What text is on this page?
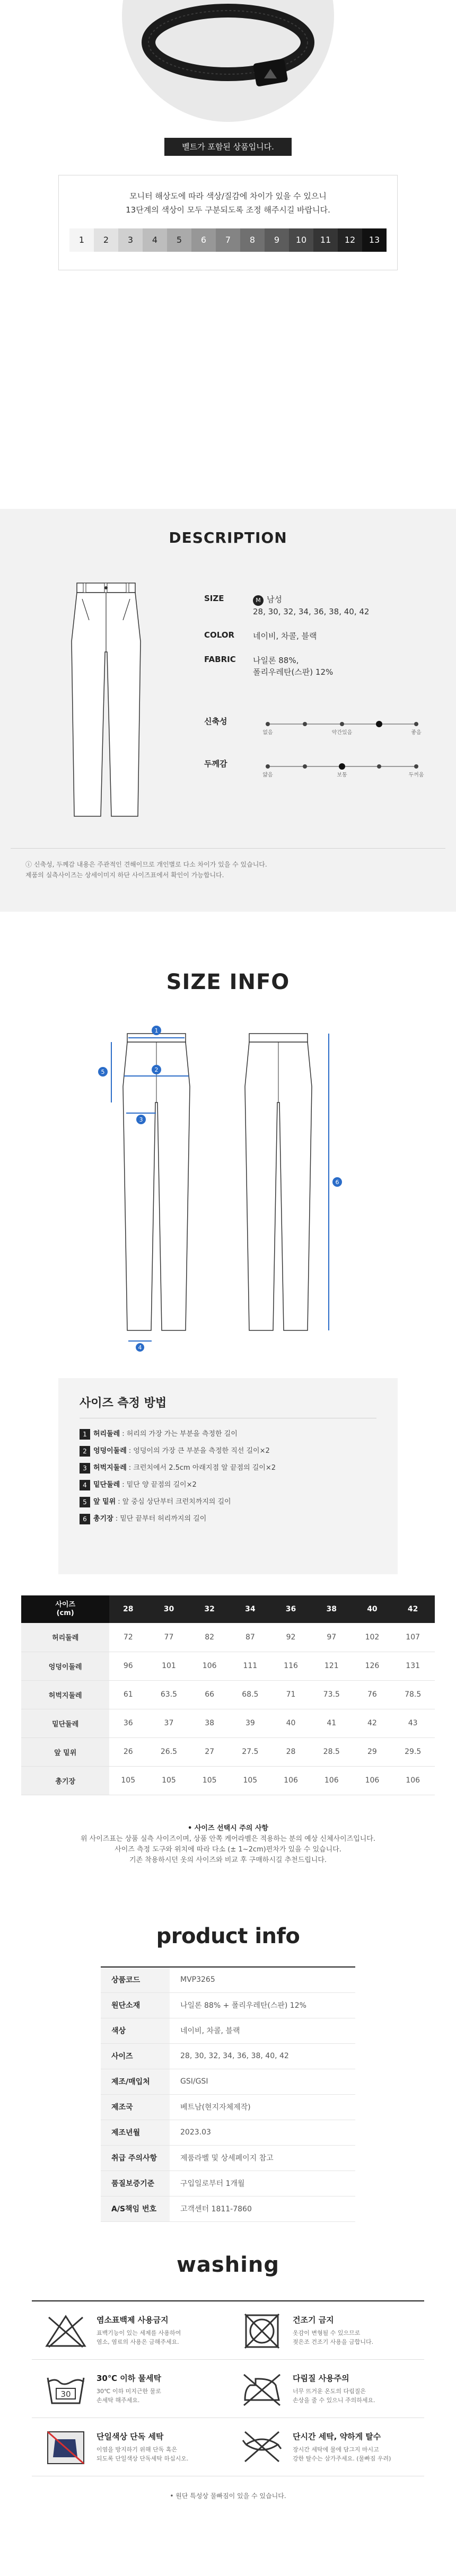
벨트가 포함된 상품입니다.

모니터 해상도에 따라 색상/질감에 차이가 있을 수 있으니

13단계의 색상이 모두 구분되도록 조정 해주시길 바랍니다.

1	2	3	4	5	6	7	8	9	10	11	12	13
DESCRIPTION
SIZE	M 남성
28, 30, 32, 34, 36, 38, 40, 42
COLOR	네이비, 차콜, 블랙
FABRIC	나일론 88%,
폴리우레탄(스판) 12%
신축성
없음	약간있음	좋음
두께감
얇음	보통	두꺼움
ⓘ 신축성, 두께감 내용은 주관적인 견해이므로 개인별로 다소 차이가 있을 수 있습니다.
제품의 실측사이즈는 상세이미지 하단 사이즈표에서 확인이 가능합니다.
SIZE INFO
1
2
3
4
5
6
사이즈 측정 방법
1 허리둘레 : 허리의 가장 가는 부분을 측정한 길이
2 엉덩이둘레 : 엉덩이의 가장 큰 부분을 측정한 직선 길이×2
3 허벅지둘레 : 크런치에서 2.5cm 아래지점 알 끝점의 길이×2
4 밑단둘레 : 밑단 양 끝점의 길이×2
5 앞 밑위 : 앞 중심 상단부터 크런치까지의 길이
6 총기장 : 밑단 끝부터 허리까지의 길이
사이즈
(cm)	28	30	32	34	36	38	40	42
허리둘레	72	77	82	87	92	97	102	107
엉덩이둘레	96	101	106	111	116	121	126	131
허벅지둘레	61	63.5	66	68.5	71	73.5	76	78.5
밑단둘레	36	37	38	39	40	41	42	43
앞 밑위	26	26.5	27	27.5	28	28.5	29	29.5
총기장	105	105	105	105	106	106	106	106
• 사이즈 선택시 주의 사항
위 사이즈표는 상품 실측 사이즈이며, 상품 안쪽 케어라벨은 적용하는 분의 예상 신체사이즈입니다.
사이즈 측정 도구와 위치에 따라 다소 (± 1~2cm)편차가 있을 수 있습니다.
기존 착용하시던 옷의 사이즈와 비교 후 구매하시길 추천드립니다.
product info
상품코드	MVP3265
원단소재	나일론 88% + 폴리우레탄(스판) 12%
색상	네이비, 차콜, 블랙
사이즈	28, 30, 32, 34, 36, 38, 40, 42
제조/매입처	GSI/GSI
제조국	베트남(현지자체제작)
제조년월	2023.03
취급 주의사항	제품라벨 및 상세페이지 참고
품질보증기준	구입일로부터 1개월
A/S책임 번호	고객센터 1811-7860
washing
염소표백제 사용금지
표백기능이 있는 세제를 사용하여
염소, 염료의 사용은 금해주세요.
건조기 금지
옷감이 변형될 수 있으므로
젖은조 건조기 사용을 금합니다.
30
30℃ 이하 물세탁
30℃ 이하 미지근한 물로
손세탁 해주세요.
다림질 사용주의
너무 뜨거운 온도의 다림질은
손상을 줄 수 있으니 주의하세요.
단일색상 단독 세탁
이염을 방지하기 위해 단독 혹은
되도록 단일색상 단독세탁 하십시오.
단시간 세탁, 약하게 탈수
장시간 세탁에 물에 담그지 마시고
강한 탈수는 삼가주세요. (물빠짐 우려)
• 원단 특성상 물빠짐이 있을 수 있습니다.
